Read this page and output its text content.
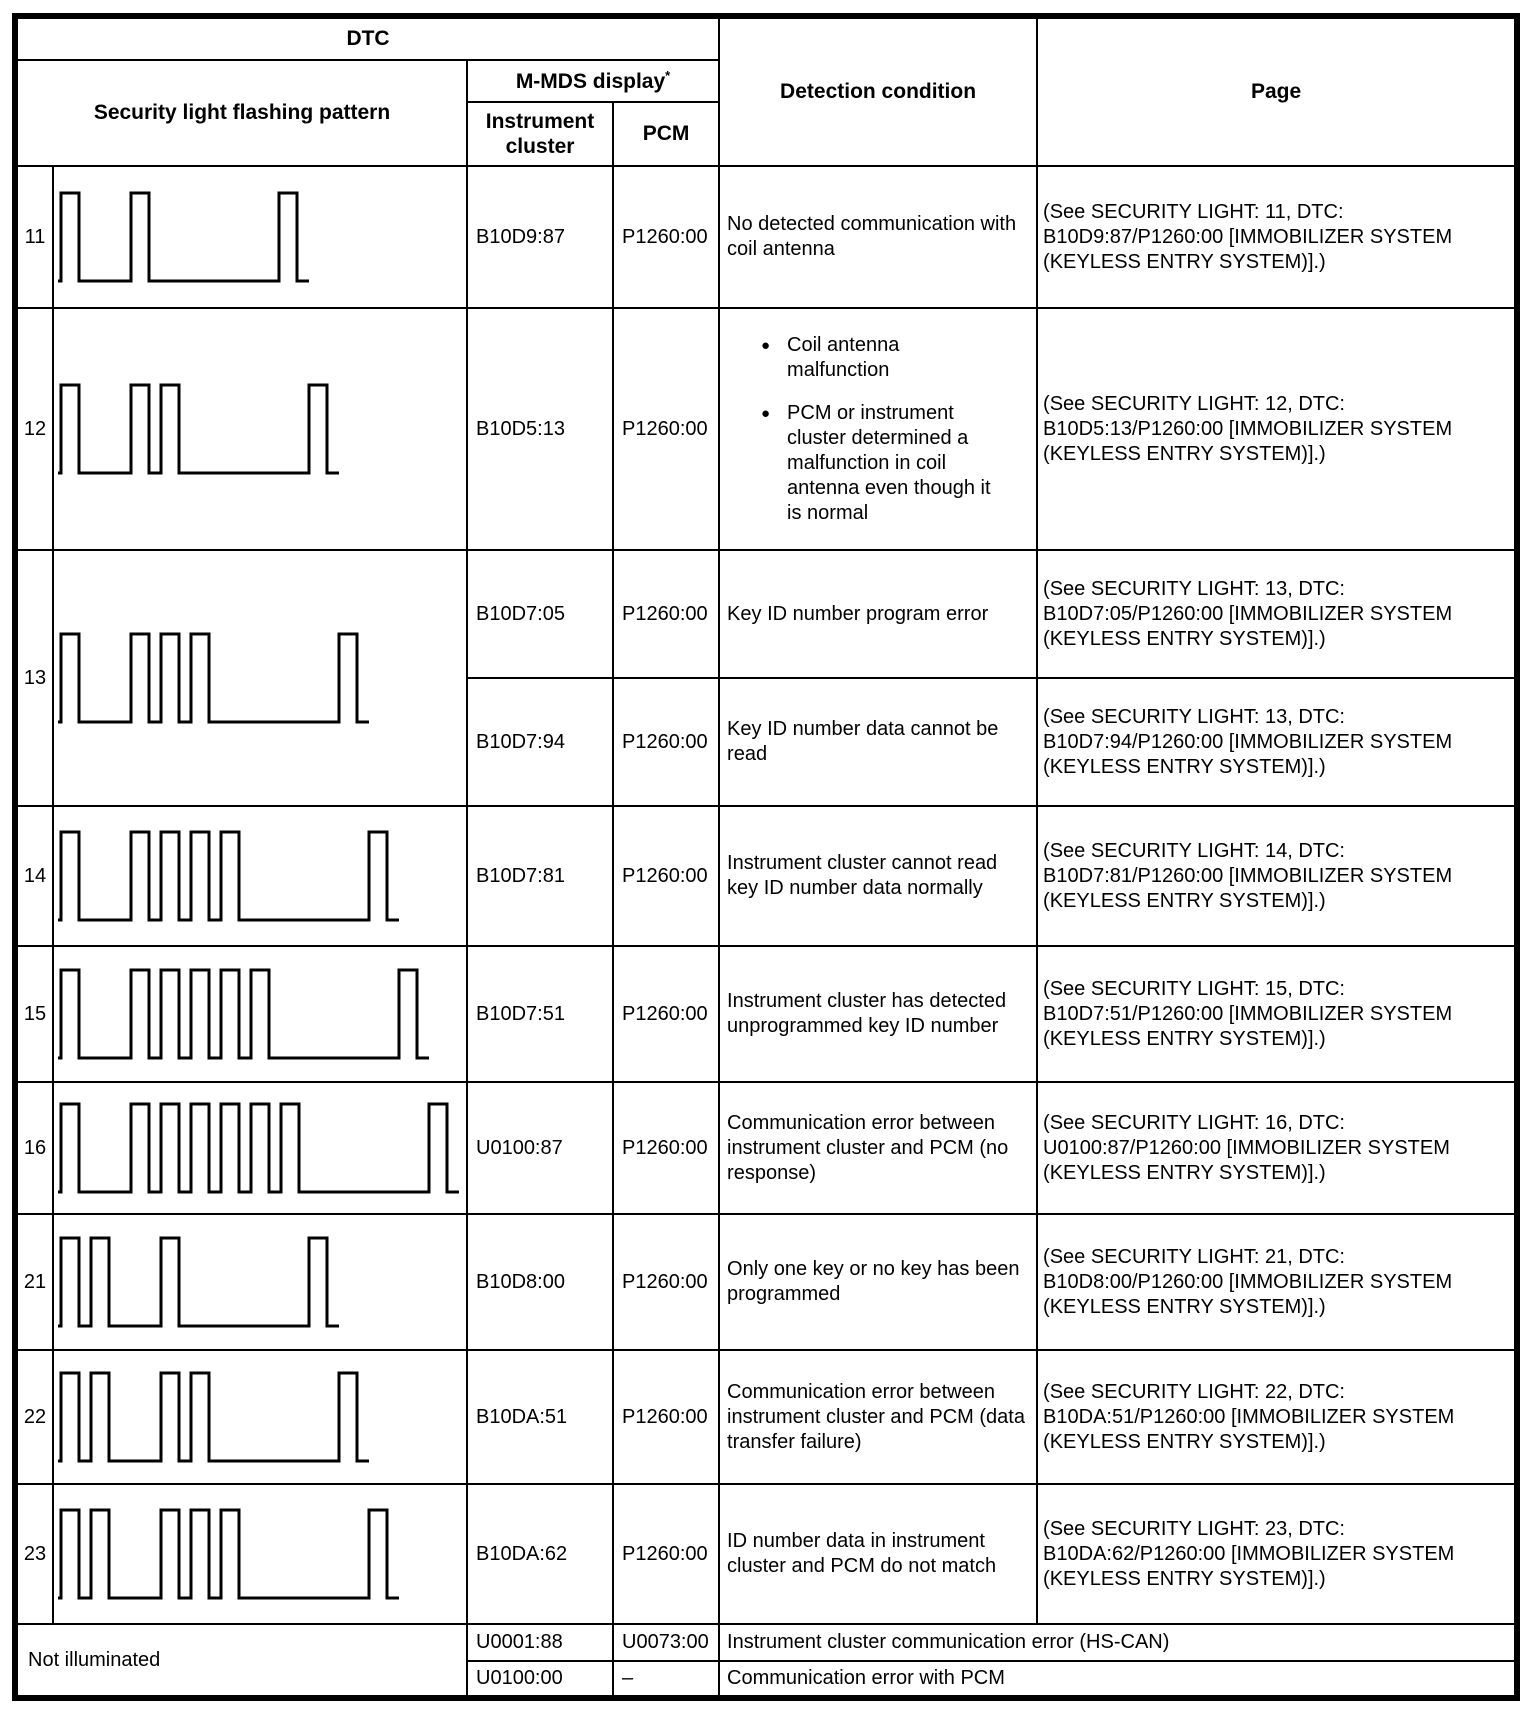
DTC				Detection condition	Page
Security light flashing pattern		M-MDS display*
		Instrument cluster	PCM		
11		B10D9:87	P1260:00	No detected communication with coil antenna	(See SECURITY LIGHT: 11, DTC: B10D9:87/P1260:00 [IMMOBILIZER SYSTEM (KEYLESS ENTRY SYSTEM)].)
12		B10D5:13	P1260:00	● Coil antenna malfunction
● PCM or instrument cluster determined a malfunction in coil antenna even though it is normal	(See SECURITY LIGHT: 12, DTC: B10D5:13/P1260:00 [IMMOBILIZER SYSTEM (KEYLESS ENTRY SYSTEM)].)
13		B10D7:05	P1260:00	Key ID number program error	(See SECURITY LIGHT: 13, DTC: B10D7:05/P1260:00 [IMMOBILIZER SYSTEM (KEYLESS ENTRY SYSTEM)].)
		B10D7:94	P1260:00	Key ID number data cannot be read	(See SECURITY LIGHT: 13, DTC: B10D7:94/P1260:00 [IMMOBILIZER SYSTEM (KEYLESS ENTRY SYSTEM)].)
14		B10D7:81	P1260:00	Instrument cluster cannot read key ID number data normally	(See SECURITY LIGHT: 14, DTC: B10D7:81/P1260:00 [IMMOBILIZER SYSTEM (KEYLESS ENTRY SYSTEM)].)
15		B10D7:51	P1260:00	Instrument cluster has detected unprogrammed key ID number	(See SECURITY LIGHT: 15, DTC: B10D7:51/P1260:00 [IMMOBILIZER SYSTEM (KEYLESS ENTRY SYSTEM)].)
16		U0100:87	P1260:00	Communication error between instrument cluster and PCM (no response)	(See SECURITY LIGHT: 16, DTC: U0100:87/P1260:00 [IMMOBILIZER SYSTEM (KEYLESS ENTRY SYSTEM)].)
21		B10D8:00	P1260:00	Only one key or no key has been programmed	(See SECURITY LIGHT: 21, DTC: B10D8:00/P1260:00 [IMMOBILIZER SYSTEM (KEYLESS ENTRY SYSTEM)].)
22		B10DA:51	P1260:00	Communication error between instrument cluster and PCM (data transfer failure)	(See SECURITY LIGHT: 22, DTC: B10DA:51/P1260:00 [IMMOBILIZER SYSTEM (KEYLESS ENTRY SYSTEM)].)
23		B10DA:62	P1260:00	ID number data in instrument cluster and PCM do not match	(See SECURITY LIGHT: 23, DTC: B10DA:62/P1260:00 [IMMOBILIZER SYSTEM (KEYLESS ENTRY SYSTEM)].)
Not illuminated		U0001:88	U0073:00	Instrument cluster communication error (HS-CAN)	
		U0100:00	–	Communication error with PCM	
